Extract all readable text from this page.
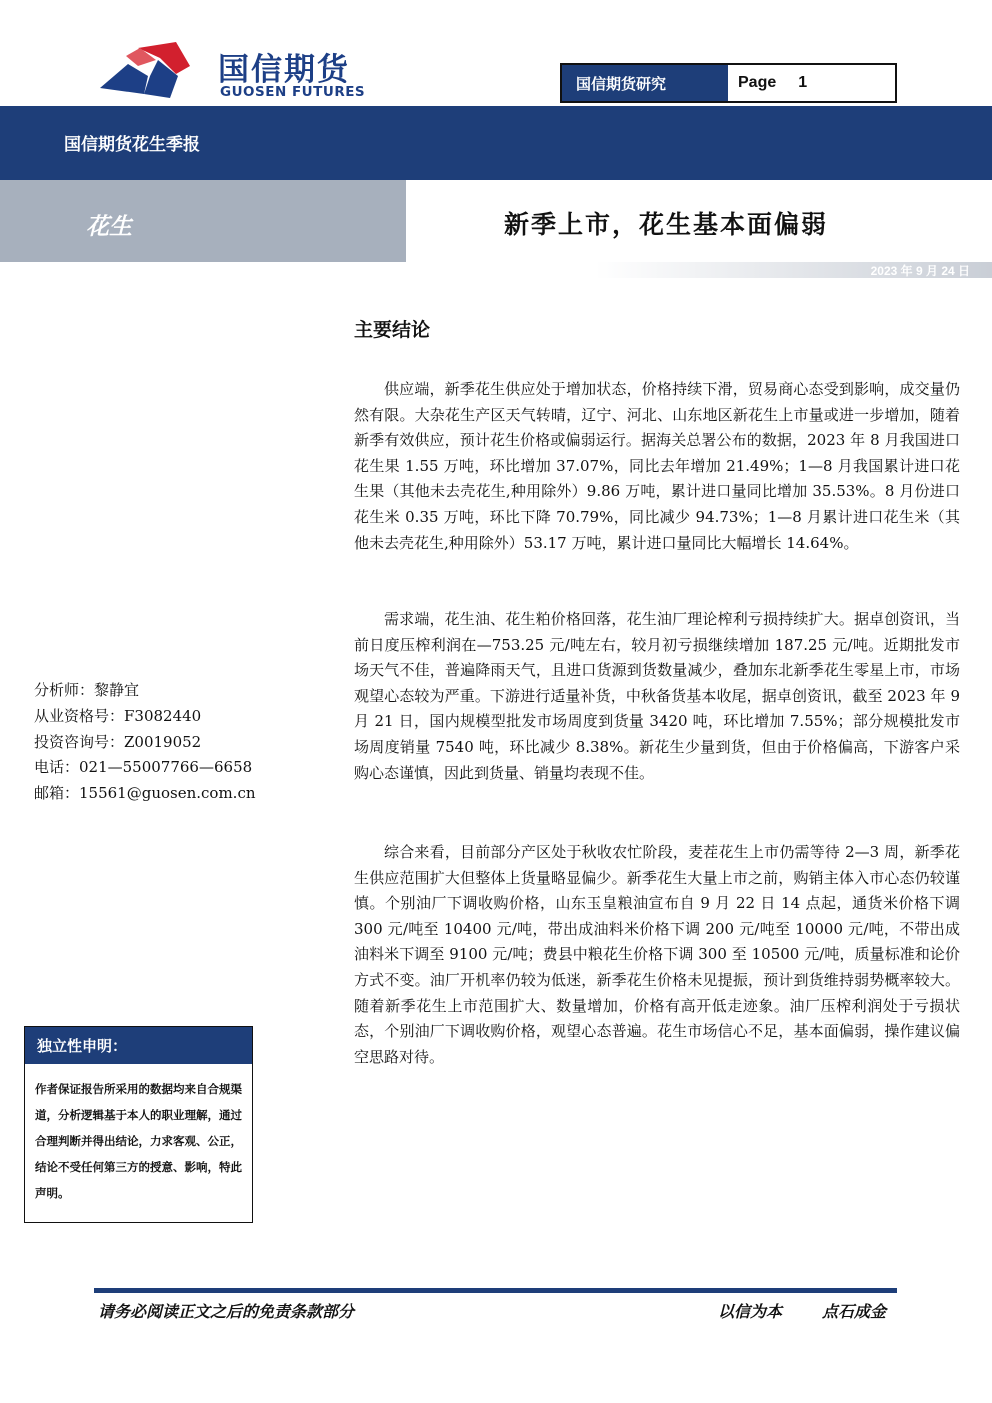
国信期货
GUOSEN FUTURES	国信期货研究	Page 1
国信期货花生季报
花生	新季上市，花生基本面偏弱
2023 年 9 月 24 日
主要结论

供应端，新季花生供应处于增加状态，价格持续下滑，贸易商心态受到影响，成交量仍然有限。大杂花生产区天气转晴，辽宁、河北、山东地区新花生上市量或进一步增加，随着新季有效供应，预计花生价格或偏弱运行。据海关总署公布的数据，2023 年 8 月我国进口花生果 1.55 万吨，环比增加 37.07%，同比去年增加 21.49%；1—8 月我国累计进口花生果（其他未去壳花生,种用除外）9.86 万吨，累计进口量同比增加 35.53%。8 月份进口花生米 0.35 万吨，环比下降 70.79%，同比减少 94.73%；1—8 月累计进口花生米（其他未去壳花生,种用除外）53.17 万吨，累计进口量同比大幅增长 14.64%。

需求端，花生油、花生粕价格回落，花生油厂理论榨利亏损持续扩大。据卓创资讯，当前日度压榨利润在—753.25 元/吨左右，较月初亏损继续增加 187.25 元/吨。近期批发市场天气不佳，普遍降雨天气，且进口货源到货数量减少，叠加东北新季花生零星上市，市场观望心态较为严重。下游进行适量补货，中秋备货基本收尾，据卓创资讯，截至 2023 年 9 月 21 日，国内规模型批发市场周度到货量 3420 吨，环比增加 7.55%；部分规模批发市场周度销量 7540 吨，环比减少 8.38%。新花生少量到货，但由于价格偏高，下游客户采购心态谨慎，因此到货量、销量均表现不佳。

综合来看，目前部分产区处于秋收农忙阶段，麦茬花生上市仍需等待 2—3 周，新季花生供应范围扩大但整体上货量略显偏少。新季花生大量上市之前，购销主体入市心态仍较谨慎。个别油厂下调收购价格，山东玉皇粮油宣布自 9 月 22 日 14 点起，通货米价格下调 300 元/吨至 10400 元/吨，带出成油料米价格下调 200 元/吨至 10000 元/吨，不带出成油料米下调至 9100 元/吨；费县中粮花生价格下调 300 至 10500 元/吨，质量标准和论价方式不变。油厂开机率仍较为低迷，新季花生价格未见提振，预计到货维持弱势概率较大。随着新季花生上市范围扩大、数量增加，价格有高开低走迹象。油厂压榨利润处于亏损状态，个别油厂下调收购价格，观望心态普遍。花生市场信心不足，基本面偏弱，操作建议偏空思路对待。

分析师：黎静宜
从业资格号：F3082440
投资咨询号：Z0019052
电话：021—55007766—6658
邮箱：15561@guosen.com.cn
独立性申明：
作者保证报告所采用的数据均来自合规渠道，分析逻辑基于本人的职业理解，通过合理判断并得出结论，力求客观、公正，结论不受任何第三方的授意、影响，特此声明。
请务必阅读正文之后的免责条款部分	以信为本 点石成金
